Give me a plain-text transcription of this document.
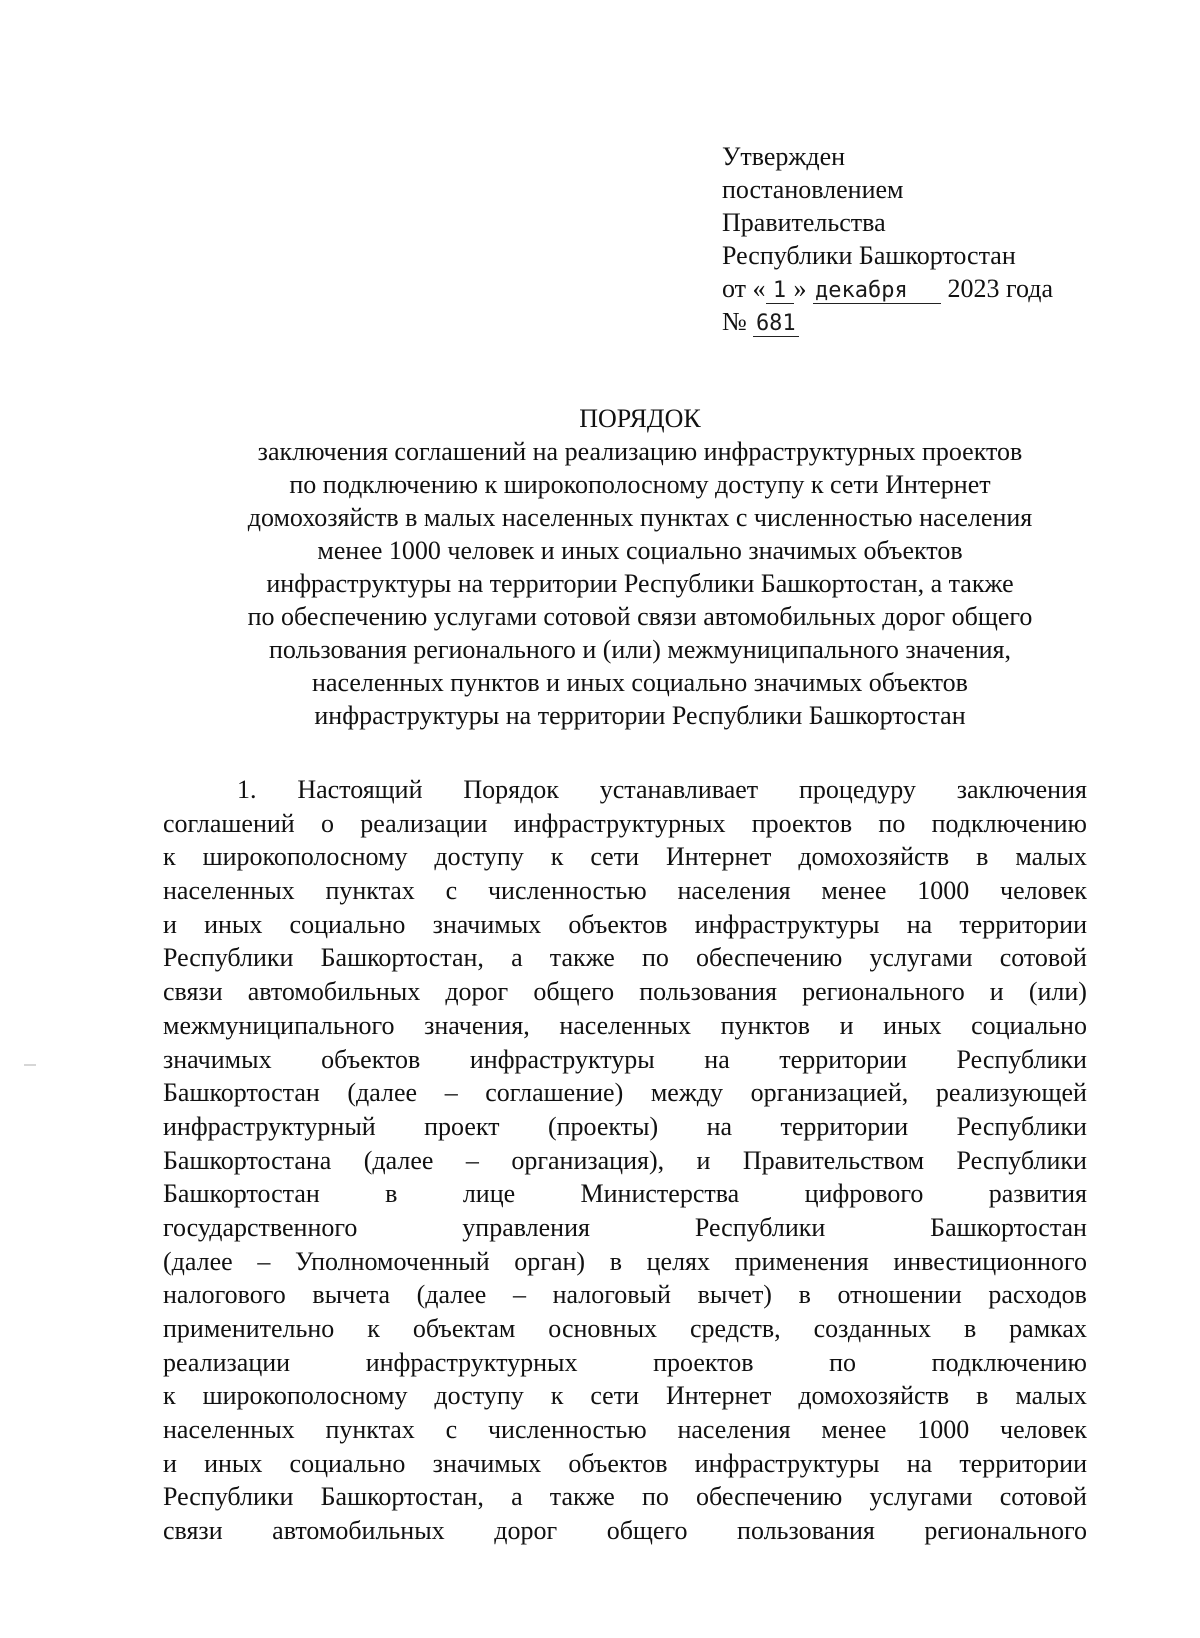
Утвержден
постановлением
Правительства
Республики Башкортостан
от « 1 » декабря 2023 года
№ 681
ПОРЯДОК
заключения соглашений на реализацию инфраструктурных проектов
по подключению к широкополосному доступу к сети Интернет
домохозяйств в малых населенных пунктах с численностью населения
менее 1000 человек и иных социально значимых объектов
инфраструктуры на территории Республики Башкортостан, а также
по обеспечению услугами сотовой связи автомобильных дорог общего
пользования регионального и (или) межмуниципального значения,
населенных пунктов и иных социально значимых объектов
инфраструктуры на территории Республики Башкортостан
1. Настоящий Порядок устанавливает процедуру заключения
соглашений о реализации инфраструктурных проектов по подключению
к широкополосному доступу к сети Интернет домохозяйств в малых
населенных пунктах с численностью населения менее 1000 человек
и иных социально значимых объектов инфраструктуры на территории
Республики Башкортостан, а также по обеспечению услугами сотовой
связи автомобильных дорог общего пользования регионального и (или)
межмуниципального значения, населенных пунктов и иных социально
значимых объектов инфраструктуры на территории Республики
Башкортостан (далее – соглашение) между организацией, реализующей
инфраструктурный проект (проекты) на территории Республики
Башкортостана (далее – организация), и Правительством Республики
Башкортостан	в	лице	Министерства	цифрового	развития
государственного	управления	Республики	Башкортостан
(далее – Уполномоченный орган) в целях применения инвестиционного
налогового вычета (далее – налоговый вычет) в отношении расходов
применительно к объектам основных средств, созданных в рамках
реализации	инфраструктурных	проектов	по	подключению
к широкополосному доступу к сети Интернет домохозяйств в малых
населенных пунктах с численностью населения менее 1000 человек
и иных социально значимых объектов инфраструктуры на территории
Республики Башкортостан, а также по обеспечению услугами сотовой
связи автомобильных дорог общего пользования регионального
